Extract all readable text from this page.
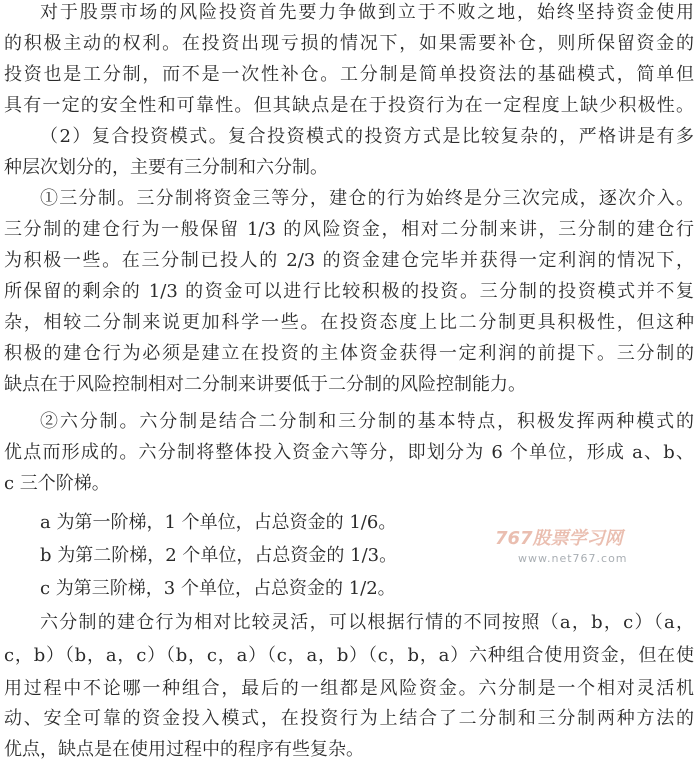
对于股票市场的风险投资首先要力争做到立于不败之地，始终坚持资金使用
的积极主动的权利。在投资出现亏损的情况下，如果需要补仓，则所保留资金的
投资也是工分制，而不是一次性补仓。工分制是简单投资法的基础模式，简单但
具有一定的安全性和可靠性。但其缺点是在于投资行为在一定程度上缺少积极性。
（2）复合投资模式。复合投资模式的投资方式是比较复杂的，严格讲是有多
种层次划分的，主要有三分制和六分制。
①三分制。三分制将资金三等分，建仓的行为始终是分三次完成，逐次介入。
三分制的建仓行为一般保留 1/3 的风险资金，相对二分制来讲，三分制的建仓行
为积极一些。在三分制已投人的 2/3 的资金建仓完毕并获得一定利润的情况下，
所保留的剩余的 1/3 的资金可以进行比较积极的投资。三分制的投资模式并不复
杂，相较二分制来说更加科学一些。在投资态度上比二分制更具积极性，但这种
积极的建仓行为必须是建立在投资的主体资金获得一定利润的前提下。三分制的
缺点在于风险控制相对二分制来讲要低于二分制的风险控制能力。
②六分制。六分制是结合二分制和三分制的基本特点，积极发挥两种模式的
优点而形成的。六分制将整体投入资金六等分，即划分为 6 个单位，形成 a、b、
c 三个阶梯。
a 为第一阶梯，1 个单位，占总资金的 1/6。
b 为第二阶梯，2 个单位，占总资金的 1/3。
c 为第三阶梯，3 个单位，占总资金的 1/2。
六分制的建仓行为相对比较灵活，可以根据行情的不同按照（a，b，c）（a，
c，b）（b，a，c）（b，c，a）（c，a，b）（c，b，a）六种组合使用资金，但在使
用过程中不论哪一种组合，最后的一组都是风险资金。六分制是一个相对灵活机
动、安全可靠的资金投入模式，在投资行为上结合了二分制和三分制两种方法的
优点，缺点是在使用过程中的程序有些复杂。
767股票学习网
www.net767.com
